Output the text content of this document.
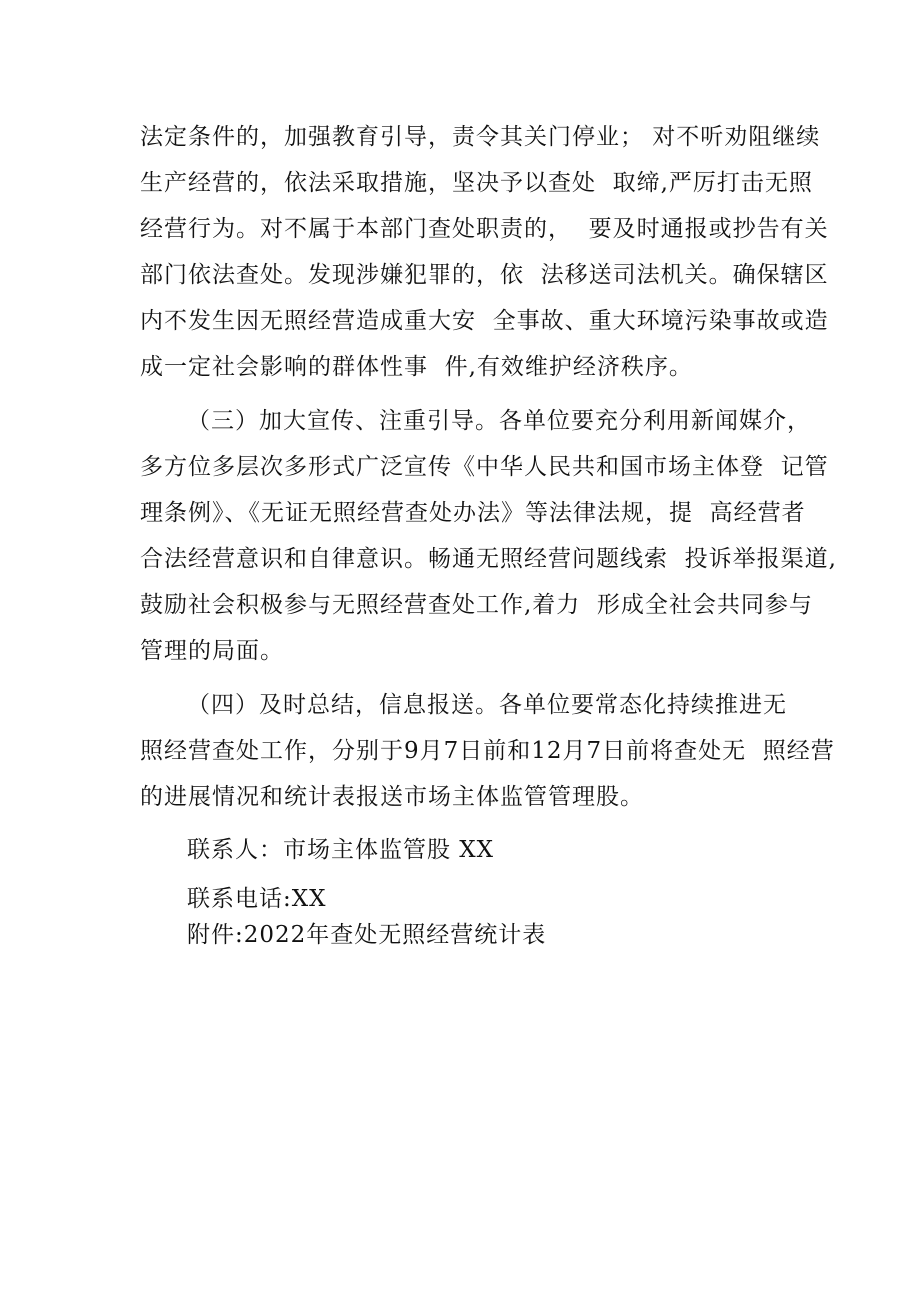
法定条件的，加强教育引导，责令其关门停业； 对不听劝阻继续
生产经营的，依法采取措施，坚决予以查处  取缔,严厉打击无照
经营行为。对不属于本部门查处职责的，  要及时通报或抄告有关
部门依法查处。发现涉嫌犯罪的，依  法移送司法机关。确保辖区
内不发生因无照经营造成重大安  全事故、重大环境污染事故或造
成一定社会影响的群体性事  件,有效维护经济秩序。
（三）加大宣传、注重引导。各单位要充分利用新闻媒介，
多方位多层次多形式广泛宣传《中华人民共和国市场主体登  记管
理条例》、《无证无照经营查处办法》等法律法规，提  高经营者
合法经营意识和自律意识。畅通无照经营问题线索  投诉举报渠道,
鼓励社会积极参与无照经营查处工作,着力  形成全社会共同参与
管理的局面。
（四）及时总结，信息报送。各单位要常态化持续推进无
照经营查处工作，分别于9月7日前和12月7日前将查处无  照经营
的进展情况和统计表报送市场主体监管管理股。
联系人：市场主体监管股 XX
联系电话:XX
附件:2022年查处无照经营统计表
